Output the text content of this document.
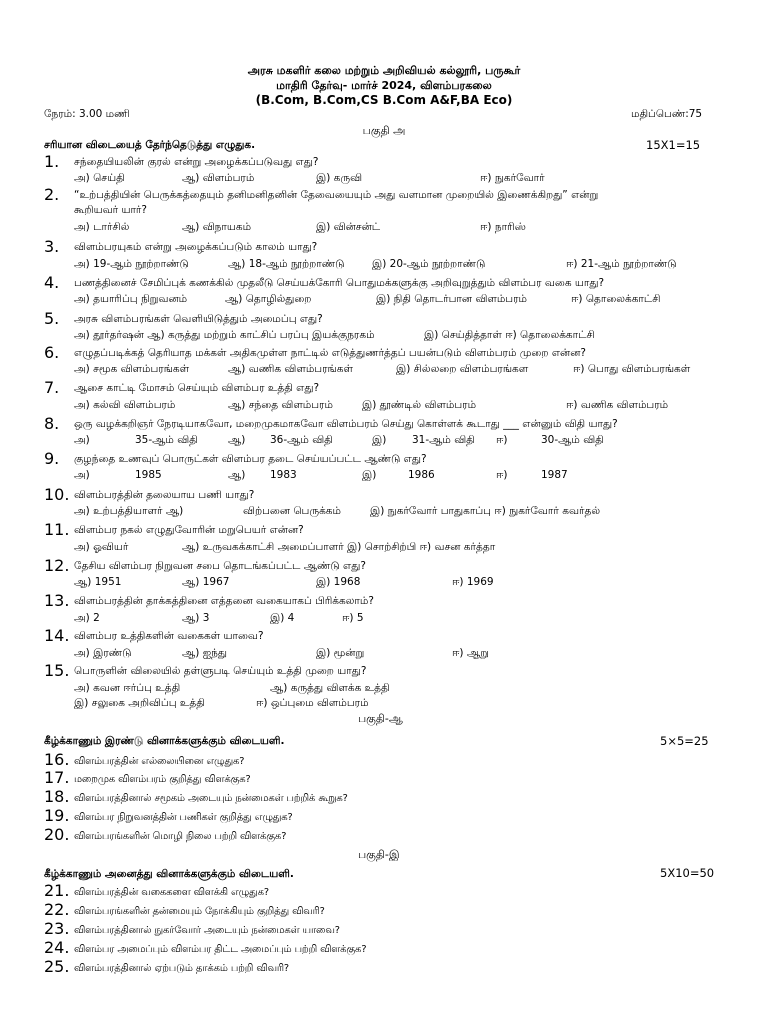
அரசு மகளிர் கலை மற்றும் அறிவியல் கல்லூரி, பருகூர்
மாதிரி தேர்வு- மார்ச் 2024, விளம்பரகலை
(B.Com, B.Com,CS B.Com A&F,BA Eco)
நேரம்: 3.00 மணி	மதிப்பெண்:75
பகுதி அ
சரியான விடையைத் தேர்ந்தெடுத்து எழுதுக.	15X1=15
1. சந்தையியலின் குரல் என்று அழைக்கப்படுவது எது?
அ) செய்தி	ஆ) விளம்பரம்	இ) கருவி	ஈ) நுகர்வோர்
2. “உற்பத்தியின் பெருக்கத்தையும் தனிமனிதனின் தேவையையும் அது வளமான முறையில் இணைக்கிறது” என்று
கூறியவர் யார்?
அ) டார்சில்	ஆ) விநாயகம்	இ) வின்சன்ட்	ஈ) நாரிஸ்
3. விளம்பரயுகம் என்று அழைக்கப்படும் காலம் யாது?
அ) 19-ஆம் நூற்றாண்டு	ஆ) 18-ஆம் நூற்றாண்டு	இ) 20-ஆம் நூற்றாண்டு	ஈ) 21-ஆம் நூற்றாண்டு
4. பணத்தினைச் சேமிப்புக் கணக்கில் முதலீடு செய்யக்கோரி பொதுமக்களுக்கு அறிவுறுத்தும் விளம்பர வகை யாது?
அ) தயாரிப்பு நிறுவனம்	ஆ) தொழில்துறை	இ) நிதி தொடர்பான விளம்பரம்	ஈ) தொலைக்காட்சி
5. அரசு விளம்பரங்கள் வெளியிடுத்தும் அமைப்பு எது?
அ) தூர்தர்ஷன் ஆ) கருத்து மற்றும் காட்சிப் பரப்பு இயக்குநரகம்	இ) செய்தித்தாள் ஈ) தொலைக்காட்சி
6. எழுதப்படிக்கத் தெரியாத மக்கள் அதிகமுள்ள நாட்டில் எடுத்துணர்த்தப் பயன்படும் விளம்பரம் முறை என்ன?
அ) சமூக விளம்பரங்கள்	ஆ) வணிக விளம்பரங்கள்	இ) சில்லறை விளம்பரங்கள	ஈ) பொது விளம்பரங்கள்
7. ஆசை காட்டி மோசம் செய்யும் விளம்பர உத்தி எது?
அ) கல்வி விளம்பரம்	ஆ) சந்தை விளம்பரம்	இ) தூண்டில் விளம்பரம்	ஈ) வணிக விளம்பரம்
8. ஒரு வழக்கறிஞர் நேரடியாகவோ, மறைமுகமாகவோ விளம்பரம் செய்து கொள்ளக் கூடாது ___ என்னும் விதி யாது?
அ)	35-ஆம் விதி	ஆ) 36-ஆம் விதி	இ) 31-ஆம் விதி ஈ)	30-ஆம் விதி
9. குழந்தை உணவுப் பொருட்கள் விளம்பர தடை செய்யப்பட்ட ஆண்டு எது?
அ)	1985	ஆ) 1983	இ)	1986	ஈ)	1987
10. விளம்பரத்தின் தலையாய பணி யாது?
அ) உற்பத்தியாளர் ஆ)	விற்பனை பெருக்கம்	இ) நுகர்வோர் பாதுகாப்பு ஈ) நுகர்வோர் கவர்தல்
11. விளம்பர நகல் எழுதுவோரின் மறுபெயர் என்ன?
அ) ஓவியர்	ஆ) உருவகக்காட்சி அமைப்பாளர் இ) சொற்சிற்பி ஈ) வசன கர்த்தா
12. தேசிய விளம்பர நிறுவன சபை தொடங்கப்பட்ட ஆண்டு எது?
ஆ) 1951	ஆ) 1967	இ) 1968	ஈ) 1969
13. விளம்பரத்தின் தாக்கத்தினை எத்தனை வகையாகப் பிரிக்கலாம்?
அ) 2	ஆ) 3	இ) 4	ஈ) 5
14. விளம்பர உத்திகளின் வகைகள் யாவை?
அ) இரண்டு	ஆ) ஐந்து	இ) மூன்று	ஈ) ஆறு
15. பொருளின் விலையில் தள்ளுபடி செய்யும் உத்தி முறை யாது?
அ) கவன ஈர்ப்பு உத்தி	ஆ) கருத்து விளக்க உத்தி
இ) சலுகை அறிவிப்பு உத்தி	ஈ) ஒப்புமை விளம்பரம்
பகுதி-ஆ
கீழ்க்காணும் இரண்டு வினாக்களுக்கும் விடையளி.	5×5=25
16. விளம்பரத்தின் எல்லையினை எழுதுக?
17. மறைமுக விளம்பரம் குறித்து விளக்குக?
18. விளம்பரத்தினால் சமூகம் அடையும் நன்மைகள் பற்றிக் கூறுக?
19. விளம்பர நிறுவனத்தின் பணிகள் குறித்து எழுதுக?
20. விளம்பரங்களின் மொழி நிலை பற்றி விளக்குக?
பகுதி-இ
கீழ்க்காணும் அனைத்து வினாக்களுக்கும் விடையளி.	5X10=50
21. விளம்பரத்தின் வகைகளை விளக்கி எழுதுக?
22. விளம்பரங்களின் தன்மையும் நோக்கியும் குறித்து விவரி?
23. விளம்பரத்தினால் நுகர்வோர் அடையும் நன்மைகள் யாவை?
24. விளம்பர அமைப்பும் விளம்பர திட்ட அமைப்பும் பற்றி விளக்குக?
25. விளம்பரத்தினால் ஏற்படும் தாக்கம் பற்றி விவரி?
